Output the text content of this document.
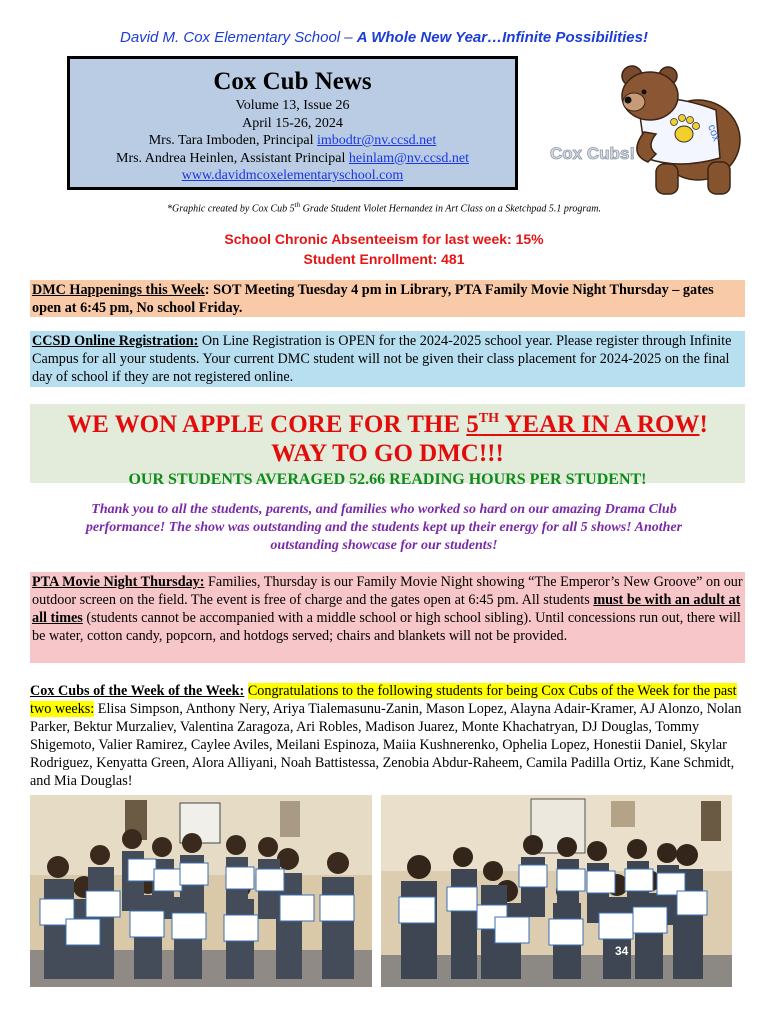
David M. Cox Elementary School – A Whole New Year…Infinite Possibilities!
Cox Cub News
Volume 13, Issue 26
April 15-26, 2024
Mrs. Tara Imboden, Principal imbodtr@nv.ccsd.net
Mrs. Andrea Heinlen, Assistant Principal heinlam@nv.ccsd.net
www.davidmcoxelementaryschool.com
cox
Cox Cubs!
*Graphic created by Cox Cub 5th Grade Student Violet Hernandez in Art Class on a Sketchpad 5.1 program.
School Chronic Absenteeism for last week: 15%
Student Enrollment: 481
DMC Happenings this Week: SOT Meeting Tuesday 4 pm in Library, PTA Family Movie Night Thursday – gates open at 6:45 pm, No school Friday.
CCSD Online Registration: On Line Registration is OPEN for the 2024-2025 school year. Please register through Infinite Campus for all your students. Your current DMC student will not be given their class placement for 2024-2025 on the final day of school if they are not registered online.
WE WON APPLE CORE FOR THE 5TH YEAR IN A ROW!
WAY TO GO DMC!!!
OUR STUDENTS AVERAGED 52.66 READING HOURS PER STUDENT!
Thank you to all the students, parents, and families who worked so hard on our amazing Drama Club performance! The show was outstanding and the students kept up their energy for all 5 shows! Another outstanding showcase for our students!
PTA Movie Night Thursday: Families, Thursday is our Family Movie Night showing “The Emperor’s New Groove” on our outdoor screen on the field. The event is free of charge and the gates open at 6:45 pm. All students must be with an adult at all times (students cannot be accompanied with a middle school or high school sibling). Until concessions run out, there will be water, cotton candy, popcorn, and hotdogs served; chairs and blankets will not be provided.
Cox Cubs of the Week of the Week: Congratulations to the following students for being Cox Cubs of the Week for the past two weeks: Elisa Simpson, Anthony Nery, Ariya Tialemasunu-Zanin, Mason Lopez, Alayna Adair-Kramer, AJ Alonzo, Nolan Parker, Bektur Murzaliev, Valentina Zaragoza, Ari Robles, Madison Juarez, Monte Khachatryan, DJ Douglas, Tommy Shigemoto, Valier Ramirez, Caylee Aviles, Meilani Espinoza, Maiia Kushnerenko, Ophelia Lopez, Honestii Daniel, Skylar Rodriguez, Kenyatta Green, Alora Alliyani, Noah Battistessa, Zenobia Abdur-Raheem, Camila Padilla Ortiz, Kane Schmidt, and Mia Douglas!
34
